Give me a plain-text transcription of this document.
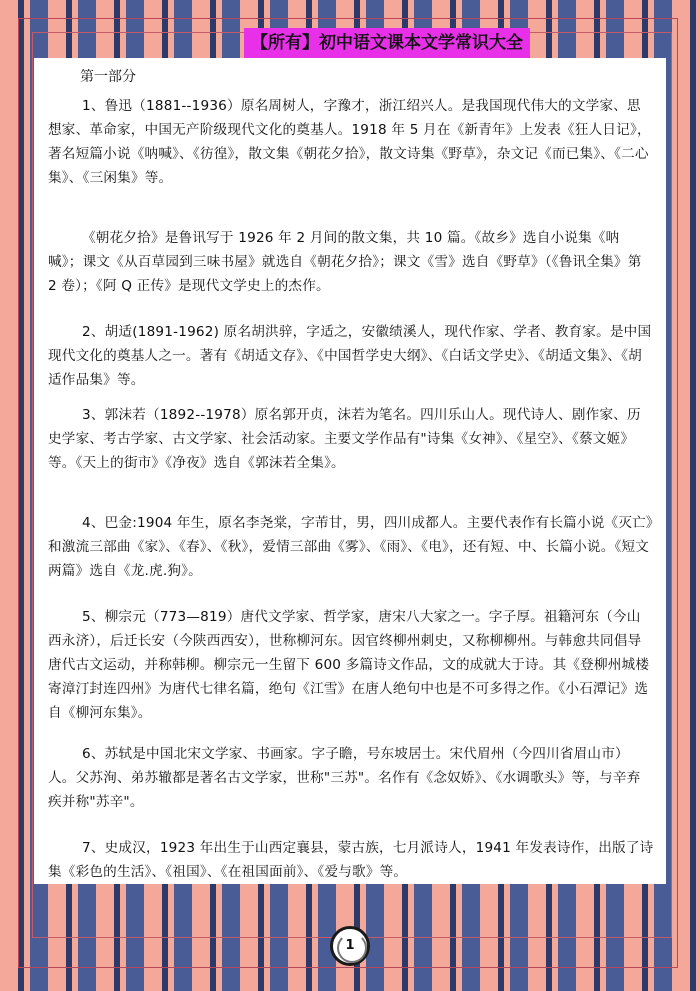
【所有】初中语文课本文学常识大全
第一部分
1、鲁迅（1881--1936）原名周树人，字豫才，浙江绍兴人。是我国现代伟大的文学家、思想家、革命家，中国无产阶级现代文化的奠基人。1918 年 5 月在《新青年》上发表《狂人日记》，著名短篇小说《呐喊》、《彷徨》，散文集《朝花夕拾》，散文诗集《野草》，杂文记《而已集》、《二心集》、《三闲集》等。
《朝花夕拾》是鲁讯写于 1926 年 2 月间的散文集，共 10 篇。《故乡》选自小说集《呐喊》；课文《从百草园到三味书屋》就选自《朝花夕拾》；课文《雪》选自《野草》（《鲁讯全集》第 2 卷）；《阿 Q 正传》是现代文学史上的杰作。
2、胡适(1891-1962) 原名胡洪骍，字适之，安徽绩溪人，现代作家、学者、教育家。是中国现代文化的奠基人之一。著有《胡适文存》、《中国哲学史大纲》、《白话文学史》、《胡适文集》、《胡适作品集》等。
3、郭沫若（1892--1978）原名郭开贞，沫若为笔名。四川乐山人。现代诗人、剧作家、历史学家、考古学家、古文学家、社会活动家。主要文学作品有"诗集《女神》、《星空》、《蔡文姬》等。《天上的街市》《净夜》选自《郭沫若全集》。
4、巴金:1904 年生，原名李尧棠，字芾甘，男，四川成都人。主要代表作有长篇小说《灭亡》和激流三部曲《家》、《春》、《秋》，爱情三部曲《雾》、《雨》、《电》，还有短、中、长篇小说。《短文两篇》选自《龙.虎.狗》。
5、柳宗元（773—819）唐代文学家、哲学家，唐宋八大家之一。字子厚。祖籍河东（今山西永济），后迁长安（今陕西西安），世称柳河东。因官终柳州刺史，又称柳柳州。与韩愈共同倡导唐代古文运动，并称韩柳。柳宗元一生留下 600 多篇诗文作品，文的成就大于诗。其《登柳州城楼寄漳汀封连四州》为唐代七律名篇，绝句《江雪》在唐人绝句中也是不可多得之作。《小石潭记》选自《柳河东集》。
6、苏轼是中国北宋文学家、书画家。字子瞻，号东坡居士。宋代眉州（今四川省眉山市）人。父苏洵、弟苏辙都是著名古文学家，世称"三苏"。名作有《念奴娇》、《水调歌头》等，与辛弃疾并称"苏辛"。
7、史成汉，1923 年出生于山西定襄县，蒙古族，七月派诗人，1941 年发表诗作，出版了诗集《彩色的生活》、《祖国》、《在祖国面前》、《爱与歌》等。
1
